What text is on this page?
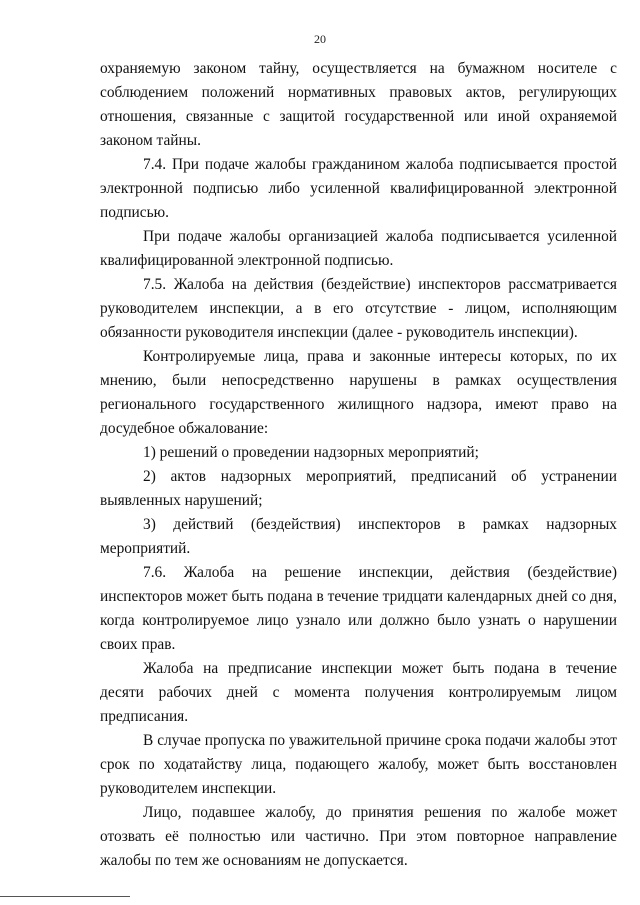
20

охраняемую законом тайну, осуществляется на бумажном носителе с соблюдением положений нормативных правовых актов, регулирующих отношения, связанные с защитой государственной или иной охраняемой законом тайны.

7.4. При подаче жалобы гражданином жалоба подписывается простой электронной подписью либо усиленной квалифицированной электронной подписью.

При подаче жалобы организацией жалоба подписывается усиленной квалифицированной электронной подписью.

7.5. Жалоба на действия (бездействие) инспекторов рассматривается руководителем инспекции, а в его отсутствие - лицом, исполняющим обязанности руководителя инспекции (далее - руководитель инспекции).

Контролируемые лица, права и законные интересы которых, по их мнению, были непосредственно нарушены в рамках осуществления регионального государственного жилищного надзора, имеют право на досудебное обжалование:

1) решений о проведении надзорных мероприятий;

2) актов надзорных мероприятий, предписаний об устранении выявленных нарушений;

3) действий (бездействия) инспекторов в рамках надзорных мероприятий.

7.6. Жалоба на решение инспекции, действия (бездействие) инспекторов может быть подана в течение тридцати календарных дней со дня, когда контролируемое лицо узнало или должно было узнать о нарушении своих прав.

Жалоба на предписание инспекции может быть подана в течение десяти рабочих дней с момента получения контролируемым лицом предписания.

В случае пропуска по уважительной причине срока подачи жалобы этот срок по ходатайству лица, подающего жалобу, может быть восстановлен руководителем инспекции.

Лицо, подавшее жалобу, до принятия решения по жалобе может отозвать её полностью или частично. При этом повторное направление жалобы по тем же основаниям не допускается.
